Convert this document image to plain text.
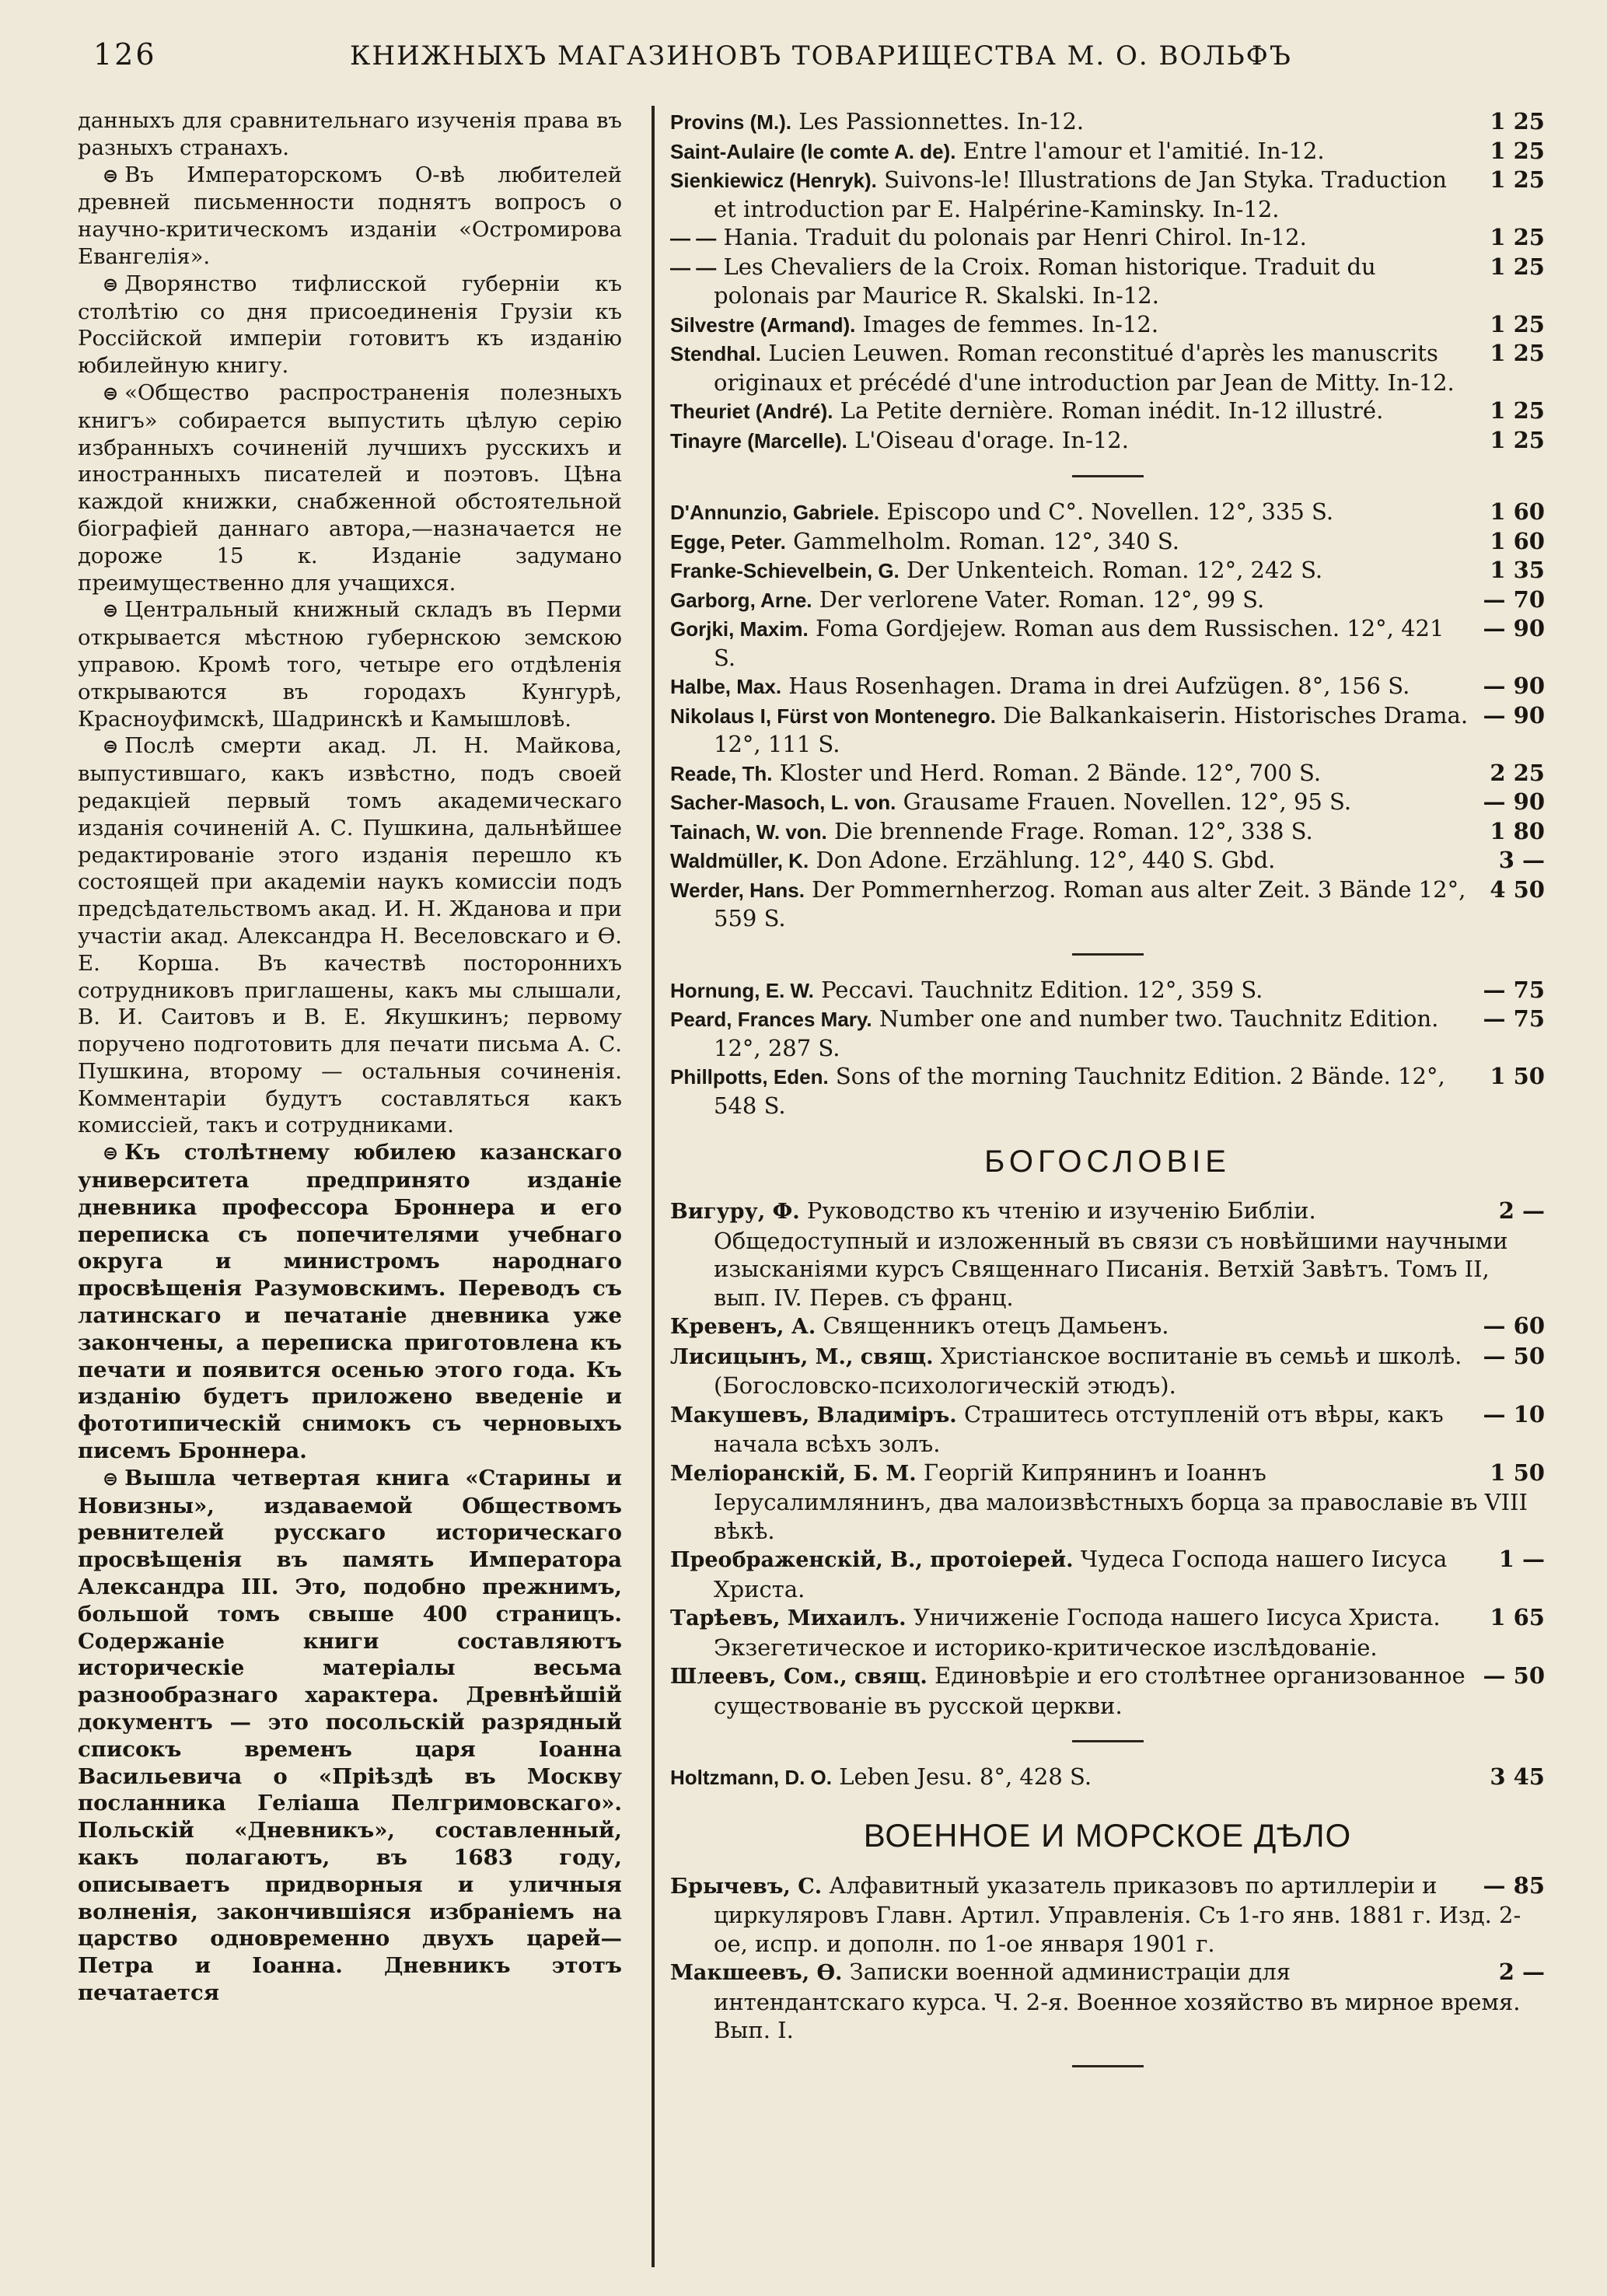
126	КНИЖНЫХЪ МАГАЗИНОВЪ ТОВАРИЩЕСТВА М. О. ВОЛЬФЪ

данныхъ для сравнительнаго изученія права въ разныхъ странахъ.

⊜ Въ Императорскомъ О-вѣ любителей древней письменности поднятъ вопросъ о научно-критическомъ изданіи «Остромирова Евангелія».

⊜ Дворянство тифлисской губерніи къ столѣтію со дня присоединенія Грузіи къ Россійской имперіи готовитъ къ изданію юбилейную книгу.

⊜ «Общество распространенія полезныхъ книгъ» собирается выпустить цѣлую серію избранныхъ сочиненій лучшихъ русскихъ и иностранныхъ писателей и поэтовъ. Цѣна каждой книжки, снабженной обстоятельной біографіей даннаго автора,—назначается не дороже 15 к. Изданіе задумано преимущественно для учащихся.

⊜ Центральный книжный складъ въ Перми открывается мѣстною губернскою земскою управою. Кромѣ того, четыре его отдѣленія открываются въ городахъ Кунгурѣ, Красноуфимскѣ, Шадринскѣ и Камышловѣ.

⊜ Послѣ смерти акад. Л. Н. Майкова, выпустившаго, какъ извѣстно, подъ своей редакціей первый томъ академическаго изданія сочиненій А. С. Пушкина, дальнѣйшее редактированіе этого изданія перешло къ состоящей при академіи наукъ комиссіи подъ предсѣдательствомъ акад. И. Н. Жданова и при участіи акад. Александра Н. Веселовскаго и Ѳ. Е. Корша. Въ качествѣ постороннихъ сотрудниковъ приглашены, какъ мы слышали, В. И. Саитовъ и В. Е. Якушкинъ; первому поручено подготовить для печати письма А. С. Пушкина, второму — остальныя сочиненія. Комментаріи будутъ составляться какъ комиссіей, такъ и сотрудниками.

⊜ Къ столѣтнему юбилею казанскаго университета предпринято изданіе дневника профессора Броннера и его переписка съ попечителями учебнаго округа и министромъ народнаго просвѣщенія Разумовскимъ. Переводъ съ латинскаго и печатаніе дневника уже закончены, а переписка приготовлена къ печати и появится осенью этого года. Къ изданію будетъ приложено введеніе и фототипическій снимокъ съ черновыхъ писемъ Броннера.

⊜ Вышла четвертая книга «Старины и Новизны», издаваемой Обществомъ ревнителей русскаго историческаго просвѣщенія въ память Императора Александра III. Это, подобно прежнимъ, большой томъ свыше 400 страницъ. Содержаніе книги составляютъ историческіе матеріалы весьма разнообразнаго характера. Древнѣйшій документъ — это посольскій разрядный списокъ временъ царя Іоанна Васильевича о «Пріѣздѣ въ Москву посланника Геліаша Пелгримовскаго». Польскій «Дневникъ», составленный, какъ полагаютъ, въ 1683 году, описываетъ придворныя и уличныя волненія, закончившіяся избраніемъ на царство одновременно двухъ царей—Петра и Іоанна. Дневникъ этотъ печатается

1 25
Provins (M.). Les Passionnettes. In-12.
1 25
Saint-Aulaire (le comte A. de). Entre l'amour et l'amitié. In-12.
1 25
Sienkiewicz (Henryk). Suivons-le! Illustrations de Jan Styka. Traduction et introduction par E. Halpérine-Kaminsky. In-12.
1 25
— — Hania. Traduit du polonais par Henri Chirol. In-12.
1 25
— — Les Chevaliers de la Croix. Roman historique. Traduit du polonais par Maurice R. Skalski. In-12.
1 25
Silvestre (Armand). Images de femmes. In-12.
1 25
Stendhal. Lucien Leuwen. Roman reconstitué d'après les manuscrits originaux et précédé d'une introduction par Jean de Mitty. In-12.
1 25
Theuriet (André). La Petite dernière. Roman inédit. In-12 illustré.
1 25
Tinayre (Marcelle). L'Oiseau d'orage. In-12.
1 60
D'Annunzio, Gabriele. Episcopo und C°. Novellen. 12°, 335 S.
1 60
Egge, Peter. Gammelholm. Roman. 12°, 340 S.
1 35
Franke-Schievelbein, G. Der Unkenteich. Roman. 12°, 242 S.
— 70
Garborg, Arne. Der verlorene Vater. Roman. 12°, 99 S.
— 90
Gorjki, Maxim. Foma Gordjejew. Roman aus dem Russischen. 12°, 421 S.
— 90
Halbe, Max. Haus Rosenhagen. Drama in drei Aufzügen. 8°, 156 S.
— 90
Nikolaus I, Fürst von Montenegro. Die Balkankaiserin. Historisches Drama. 12°, 111 S.
2 25
Reade, Th. Kloster und Herd. Roman. 2 Bände. 12°, 700 S.
— 90
Sacher-Masoch, L. von. Grausame Frauen. Novellen. 12°, 95 S.
1 80
Tainach, W. von. Die brennende Frage. Roman. 12°, 338 S.
3 —
Waldmüller, K. Don Adone. Erzählung. 12°, 440 S. Gbd.
4 50
Werder, Hans. Der Pommernherzog. Roman aus alter Zeit. 3 Bände 12°, 559 S.
— 75
Hornung, E. W. Peccavi. Tauchnitz Edition. 12°, 359 S.
— 75
Peard, Frances Mary. Number one and number two. Tauchnitz Edition. 12°, 287 S.
1 50
Phillpotts, Eden. Sons of the morning Tauchnitz Edition. 2 Bände. 12°, 548 S.
БОГОСЛОВІЕ
2 —
Вигуру, Ф. Руководство къ чтенію и изученію Библіи. Общедоступный и изложенный въ связи съ новѣйшими научными изысканіями курсъ Священнаго Писанія. Ветхій Завѣтъ. Томъ II, вып. IV. Перев. съ франц.
— 60
Кревенъ, А. Священникъ отецъ Дамьенъ.
— 50
Лисицынъ, М., свящ. Христіанское воспитаніе въ семьѣ и школѣ. (Богословско-психологическій этюдъ).
— 10
Макушевъ, Владиміръ. Страшитесь отступленій отъ вѣры, какъ начала всѣхъ золъ.
1 50
Меліоранскій, Б. М. Георгій Кипрянинъ и Іоаннъ Іерусалимлянинъ, два малоизвѣстныхъ борца за православіе въ VIII вѣкѣ.
1 —
Преображенскій, В., протоіерей. Чудеса Господа нашего Іисуса Христа.
1 65
Тарѣевъ, Михаилъ. Уничиженіе Господа нашего Іисуса Христа. Экзегетическое и историко-критическое изслѣдованіе.
— 50
Шлеевъ, Сом., свящ. Единовѣріе и его столѣтнее организованное существованіе въ русской церкви.
3 45
Holtzmann, D. O. Leben Jesu. 8°, 428 S.
ВОЕННОЕ И МОРСКОЕ ДѢЛО
— 85
Брычевъ, С. Алфавитный указатель приказовъ по артиллеріи и циркуляровъ Главн. Артил. Управленія. Съ 1-го янв. 1881 г. Изд. 2-ое, испр. и дополн. по 1-ое января 1901 г.
2 —
Макшеевъ, Ѳ. Записки военной администраціи для интендантскаго курса. Ч. 2-я. Военное хозяйство въ мирное время. Вып. I.
